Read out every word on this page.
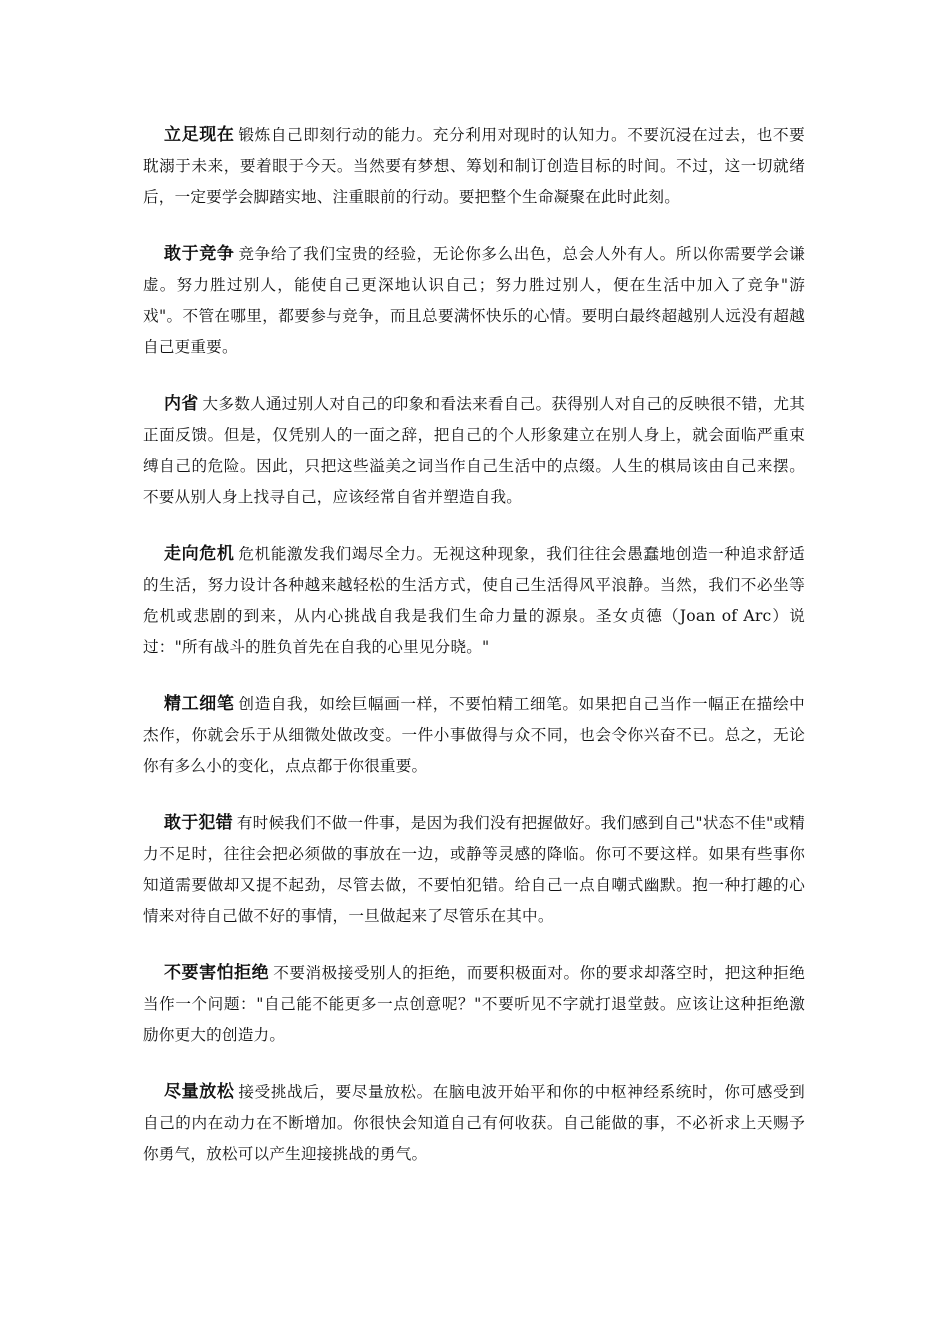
立足现在 锻炼自己即刻行动的能力。充分利用对现时的认知力。不要沉浸在过去，也不要耽溺于未来，要着眼于今天。当然要有梦想、筹划和制订创造目标的时间。不过，这一切就绪后，一定要学会脚踏实地、注重眼前的行动。要把整个生命凝聚在此时此刻。

敢于竞争 竞争给了我们宝贵的经验，无论你多么出色，总会人外有人。所以你需要学会谦虚。努力胜过别人，能使自己更深地认识自己；努力胜过别人，便在生活中加入了竞争"游戏"。不管在哪里，都要参与竞争，而且总要满怀快乐的心情。要明白最终超越别人远没有超越自己更重要。

内省 大多数人通过别人对自己的印象和看法来看自己。获得别人对自己的反映很不错，尤其正面反馈。但是，仅凭别人的一面之辞，把自己的个人形象建立在别人身上，就会面临严重束缚自己的危险。因此，只把这些溢美之词当作自己生活中的点缀。人生的棋局该由自己来摆。不要从别人身上找寻自己，应该经常自省并塑造自我。

走向危机 危机能激发我们竭尽全力。无视这种现象，我们往往会愚蠢地创造一种追求舒适的生活，努力设计各种越来越轻松的生活方式，使自己生活得风平浪静。当然，我们不必坐等危机或悲剧的到来，从内心挑战自我是我们生命力量的源泉。圣女贞德（Joan of Arc）说过："所有战斗的胜负首先在自我的心里见分晓。"

精工细笔 创造自我，如绘巨幅画一样，不要怕精工细笔。如果把自己当作一幅正在描绘中杰作，你就会乐于从细微处做改变。一件小事做得与众不同，也会令你兴奋不已。总之，无论你有多么小的变化，点点都于你很重要。

敢于犯错 有时候我们不做一件事，是因为我们没有把握做好。我们感到自己"状态不佳"或精力不足时，往往会把必须做的事放在一边，或静等灵感的降临。你可不要这样。如果有些事你知道需要做却又提不起劲，尽管去做，不要怕犯错。给自己一点自嘲式幽默。抱一种打趣的心情来对待自己做不好的事情，一旦做起来了尽管乐在其中。

不要害怕拒绝 不要消极接受别人的拒绝，而要积极面对。你的要求却落空时，把这种拒绝当作一个问题："自己能不能更多一点创意呢？"不要听见不字就打退堂鼓。应该让这种拒绝激励你更大的创造力。

尽量放松 接受挑战后，要尽量放松。在脑电波开始平和你的中枢神经系统时，你可感受到自己的内在动力在不断增加。你很快会知道自己有何收获。自己能做的事，不必祈求上天赐予你勇气，放松可以产生迎接挑战的勇气。
